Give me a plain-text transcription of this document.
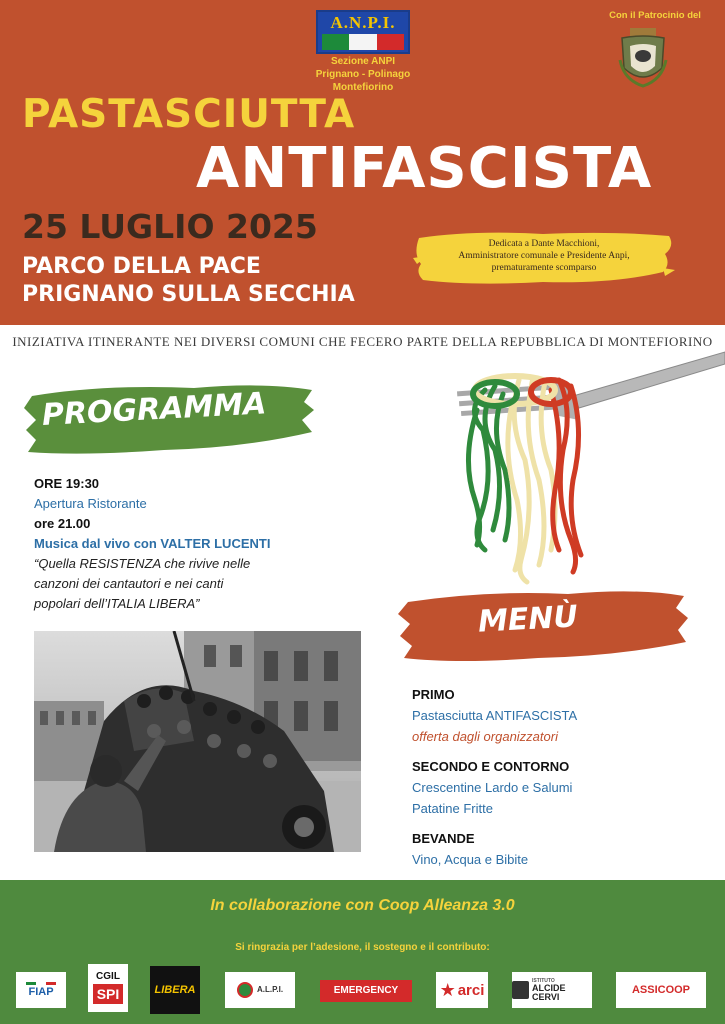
A.N.P.I.
Sezione ANPI
Prignano - Polinago
Montefiorino
Con il Patrocinio del

PASTASCIUTTA
ANTIFASCISTA
25 LUGLIO 2025
PARCO DELLA PACE
PRIGNANO SULLA SECCHIA
Dedicata a Dante Macchioni,
Amministratore comunale e Presidente Anpi,
prematuramente scomparso
INIZIATIVA ITINERANTE NEI DIVERSI COMUNI CHE FECERO PARTE DELLA REPUBBLICA DI MONTEFIORINO
PROGRAMMA
ORE 19:30
Apertura Ristorante
ore 21.00
Musica dal vivo con VALTER LUCENTI
“Quella RESISTENZA che rivive nelle
canzoni dei cantautori e nei canti
popolari dell’ITALIA LIBERA”	MENÙ
PRIMO
Pastasciutta ANTIFASCISTA
offerta dagli organizzatori
SECONDO E CONTORNO
Crescentine Lardo e Salumi
Patatine Fritte
BEVANDE
Vino, Acqua e Bibite
In collaborazione con Coop Alleanza 3.0
Si ringrazia per l’adesione, il sostegno e il contributo:
FIAP
CGIL
SPI	LIBERA	A.L.P.I.	EMERGENCY ★ arci
ISTITUTO
ALCIDE CERVI
ASSICOOP
